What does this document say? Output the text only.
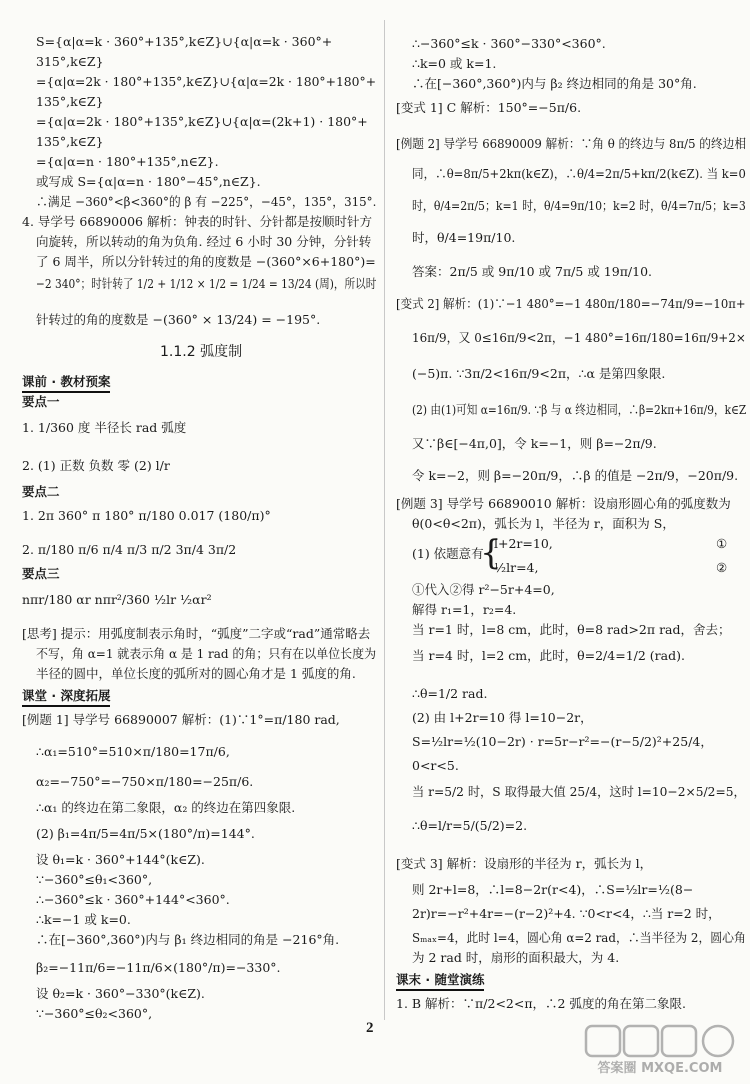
S={α|α=k · 360°+135°,k∈Z}∪{α|α=k · 360°+
315°,k∈Z}
={α|α=2k · 180°+135°,k∈Z}∪{α|α=2k · 180°+180°+
135°,k∈Z}
={α|α=2k · 180°+135°,k∈Z}∪{α|α=(2k+1) · 180°+
135°,k∈Z}
={α|α=n · 180°+135°,n∈Z}.
或写成 S={α|α=n · 180°−45°,n∈Z}.
∴满足 −360°<β<360°的 β 有 −225°，−45°，135°，315°.
4. 导学号 66890006 解析：钟表的时针、分针都是按顺时针方
向旋转，所以转动的角为负角. 经过 6 小时 30 分钟，分针转
了 6 周半，所以分针转过的角的度数是 −(360°×6+180°)=
−2 340°；时针转了 1/2 + 1/12 × 1/2 = 1/24 = 13/24 (周)，所以时
针转过的角的度数是 −(360° × 13/24) = −195°.
课前 · 教材预案
要点一
1. 1/360 度 半径长 rad 弧度
2. (1) 正数 负数 零 (2) l/r
要点二
1. 2π 360° π 180° π/180 0.017 (180/π)°
2. π/180 π/6 π/4 π/3 π/2 3π/4 3π/2
要点三
nπr/180 αr nπr²/360 ½lr ½αr²
[思考] 提示：用弧度制表示角时，“弧度”二字或“rad”通常略去
不写，角 α=1 就表示角 α 是 1 rad 的角；只有在以单位长度为
半径的圆中，单位长度的弧所对的圆心角才是 1 弧度的角.
课堂 · 深度拓展
[例题 1] 导学号 66890007 解析：(1)∵1°=π/180 rad,
∴α₁=510°=510×π/180=17π/6,
α₂=−750°=−750×π/180=−25π/6.
∴α₁ 的终边在第二象限，α₂ 的终边在第四象限.
(2) β₁=4π/5=4π/5×(180°/π)=144°.
设 θ₁=k · 360°+144°(k∈Z).
∵−360°≤θ₁<360°,
∴−360°≤k · 360°+144°<360°.
∴k=−1 或 k=0.
∴在[−360°,360°)内与 β₁ 终边相同的角是 −216°角.
β₂=−11π/6=−11π/6×(180°/π)=−330°.
设 θ₂=k · 360°−330°(k∈Z).
∵−360°≤θ₂<360°,
∴−360°≤k · 360°−330°<360°.
∴k=0 或 k=1.
∴在[−360°,360°)内与 β₂ 终边相同的角是 30°角.
[变式 1] C 解析：150°=−5π/6.
[例题 2] 导学号 66890009 解析：∵角 θ 的终边与 8π/5 的终边相
同，∴θ=8π/5+2kπ(k∈Z)，∴θ/4=2π/5+kπ/2(k∈Z). 当 k=0
时，θ/4=2π/5；k=1 时，θ/4=9π/10；k=2 时，θ/4=7π/5；k=3
时，θ/4=19π/10.
答案：2π/5 或 9π/10 或 7π/5 或 19π/10.
[变式 2] 解析：(1)∵−1 480°=−1 480π/180=−74π/9=−10π+
16π/9，又 0≤16π/9<2π，−1 480°=16π/180=16π/9+2×
(−5)π. ∵3π/2<16π/9<2π，∴α 是第四象限.
(2) 由(1)可知 α=16π/9. ∵β 与 α 终边相同，∴β=2kπ+16π/9，k∈Z
又∵β∈[−4π,0]，令 k=−1，则 β=−2π/9.
令 k=−2，则 β=−20π/9，∴β 的值是 −2π/9，−20π/9.
[例题 3] 导学号 66890010 解析：设扇形圆心角的弧度数为
θ(0<θ<2π)，弧长为 l，半径为 r，面积为 S，
(1) 依题意有
l+2r=10,	①
½lr=4,	②
①代入②得 r²−5r+4=0,
解得 r₁=1，r₂=4.
当 r=1 时，l=8 cm，此时，θ=8 rad>2π rad，舍去；
当 r=4 时，l=2 cm，此时，θ=2/4=1/2 (rad).
∴θ=1/2 rad.
(2) 由 l+2r=10 得 l=10−2r，
S=½lr=½(10−2r) · r=5r−r²=−(r−5/2)²+25/4，
0<r<5.
当 r=5/2 时，S 取得最大值 25/4，这时 l=10−2×5/2=5，
∴θ=l/r=5/(5/2)=2.
[变式 3] 解析：设扇形的半径为 r，弧长为 l，
则 2r+l=8，∴l=8−2r(r<4)，∴S=½lr=½(8−
2r)r=−r²+4r=−(r−2)²+4. ∵0<r<4，∴当 r=2 时，
Sₘₐₓ=4，此时 l=4，圆心角 α=2 rad，∴当半径为 2，圆心角
为 2 rad 时，扇形的面积最大，为 4.
课末 · 随堂演练
1. B 解析：∵π/2<2<π，∴2 弧度的角在第二象限.
1.1.2 弧度制
{
2
答案圈 MXQE.COM
